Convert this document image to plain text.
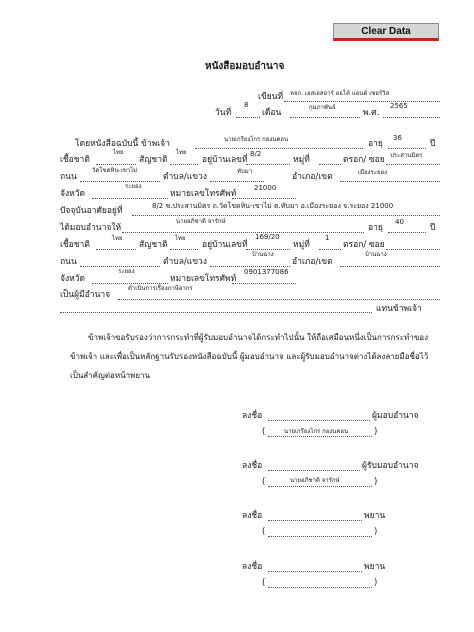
Clear Data
หนังสือมอบอำนาจ
เขียนที่ หจก. เอสเอสอาร์ ออโต้ แอนด์ เซอร์วิส
วันที่
8
เดือน
กุมภาพันธ์
พ.ศ.
2565
โดยหนังสือฉบับนี้ ข้าพเจ้า	นายเกรียงไกร กองนคอน	อายุ
36
ปี
เชื้อชาติ
ไทย
สัญชาติ
ไทย
อยู่บ้านเลขที่
8/2
หมู่ที่	ตรอก/ ซอย ประสานมิตร
ถนน
วัดโขดหิน-เขาไม่
ตำบล/แขวง
ทับมา
อำเภอ/เขต	เมืองระยอง
จังหวัด
ระยอง
หมายเลขโทรศัพท์
21000
ปัจจุบันอาศัยอยู่ที่	8/2 ซ.ประสานมิตร ถ.วัดโขดหิน-เขาไม่ ต.ทับมา อ.เมืองระยอง จ.ระยอง 21000
ได้มอบอำนาจให้
นายอภิชาติ จารักษ์
อายุ
40
ปี
เชื้อชาติ
ไทย
สัญชาติ
ไทย
อยู่บ้านเลขที่
169/20
หมู่ที่
1
ตรอก/ ซอย
ถนน	ตำบล/แขวง
บ้านฉาง
อำเภอ/เขต
บ้านฉาง
จังหวัด
ระยอง
หมายเลขโทรศัพท์
0901377086
เป็นผู้มีอำนาจ
ดำเนินการเรื่องภาษีอากร
แทนข้าพเจ้า
ข้าพเจ้าขอรับรองว่าการกระทำที่ผู้รับมอบอำนาจได้กระทำไปนั้น ให้ถือเสมือนหนึ่งเป็นการกระทำของข้าพเจ้า และเพื่อเป็นหลักฐานรับรองหนังสือฉบับนี้ ผู้มอบอำนาจ และผู้รับมอบอำนาจต่างได้ลงลายมือชื่อไว้เป็นสำคัญต่อหน้าพยาน
ลงชื่อ	ผู้มอบอำนาจ
(	นายเกรียงไกร กองนคอน	)
ลงชื่อ	ผู้รับมอบอำนาจ
(	นายอภิชาติ จารักษ์	)
ลงชื่อ	พยาน
(	)
ลงชื่อ	พยาน
(	)
